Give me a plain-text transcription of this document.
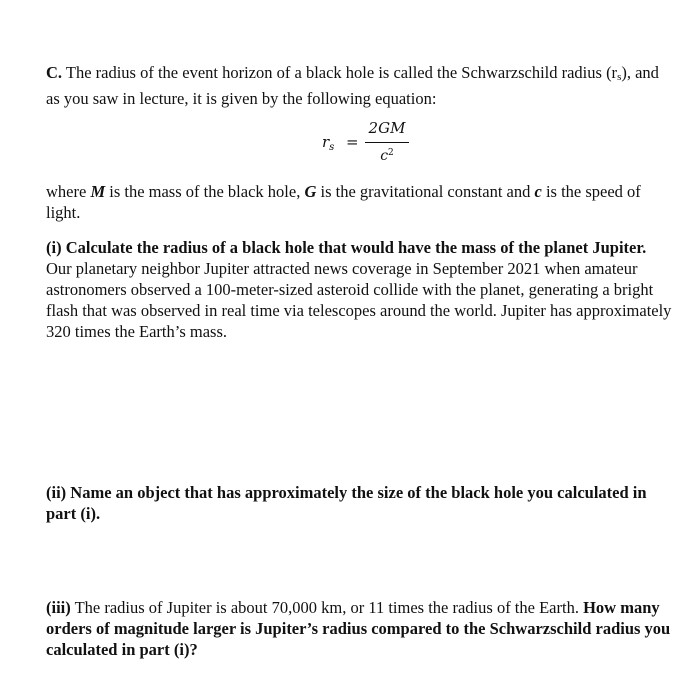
C. The radius of the event horizon of a black hole is called the Schwarzschild radius (rs), and as you saw in lecture, it is given by the following equation:

$r_s$ =
2GM
$c^2$

where M is the mass of the black hole, G is the gravitational constant and c is the speed of light.

(i) Calculate the radius of a black hole that would have the mass of the planet Jupiter. Our planetary neighbor Jupiter attracted news coverage in September 2021 when amateur astronomers observed a 100-meter-sized asteroid collide with the planet, generating a bright flash that was observed in real time via telescopes around the world. Jupiter has approximately 320 times the Earth’s mass.

(ii) Name an object that has approximately the size of the black hole you calculated in part (i).

(iii) The radius of Jupiter is about 70,000 km, or 11 times the radius of the Earth. How many orders of magnitude larger is Jupiter’s radius compared to the Schwarzschild radius you calculated in part (i)?
